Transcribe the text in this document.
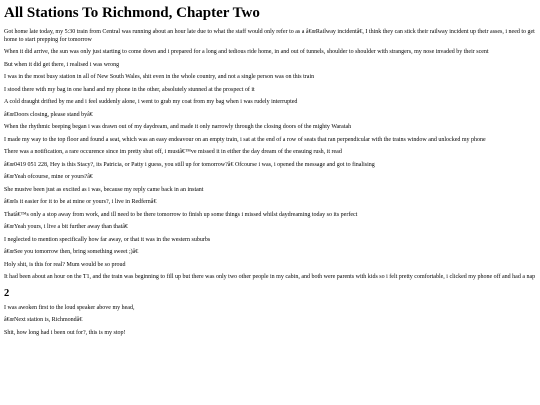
All Stations To Richmond, Chapter Two

Got home late today, my 5:30 train from Central was running about an hour late due to what the staff would only refer to as a â€œRailway incidentâ€, I think they can stick their railway incident up their asses, i need to get home to start prepping for tomorrow

When it did arrive, the sun was only just starting to come down and i prepared for a long and tedious ride home, in and out of tunnels, shoulder to shoulder with strangers, my nose invaded by their scent

But when it did get there, i realised i was wrong

I was in the most busy station in all of New South Wales, shit even in the whole country, and not a single person was on this train

I stood there with my bag in one hand and my phone in the other, absolutely stunned at the prospect of it

A cold draught drifted by me and i feel suddenly alone, i went to grab my coat from my bag when i was rudely interrupted

â€œDoors closing, please stand byâ€

When the rhythmic beeping began i was drawn out of my daydream, and made it only narrowly through the closing doors of the mighty Waratah

I made my way to the top floor and found a seat, which was an easy endeavour on an empty train, i sat at the end of a row of seats that ran perpendicular with the trains window and unlocked my phone

There was a notification, a rare occurence since im pretty shut off, i mustâ€™ve missed it in either the day dream of the ensuing rush, it read

â€œ0419 051 228, Hey is this Stacy?, its Patricia, or Patty i guess, you still up for tomorrow?â€ Ofcourse i was, i opened the message and got to finalising

â€œYeah ofcourse, mine or yours?â€

She mustve been just as excited as i was, because my reply came back in an instant

â€œIs it easier for it to be at mine or yours?, i live in Redfernâ€

Thatâ€™s only a stop away from work, and ill need to be there tomorrow to finish up some things i missed whilst daydreaming today so its perfect

â€œYeah yours, i live a bit further away than thatâ€

I neglected to mention specifically how far away, or that it was in the western suburbs

â€œSee you tomorrow then, bring something sweet ;)â€

Holy shit, is this for real? Mum would be so proud

It had been about an hour on the T1, and the train was beginning to fill up but there was only two other people in my cabin, and both were parents with kids so i felt pretty comfortable, i clicked my phone off and had a nap

2

I was awoken first to the loud speaker above my head,

â€œNext station is, Richmondâ€

Shit, how long had i been out for?, this is my stop!
